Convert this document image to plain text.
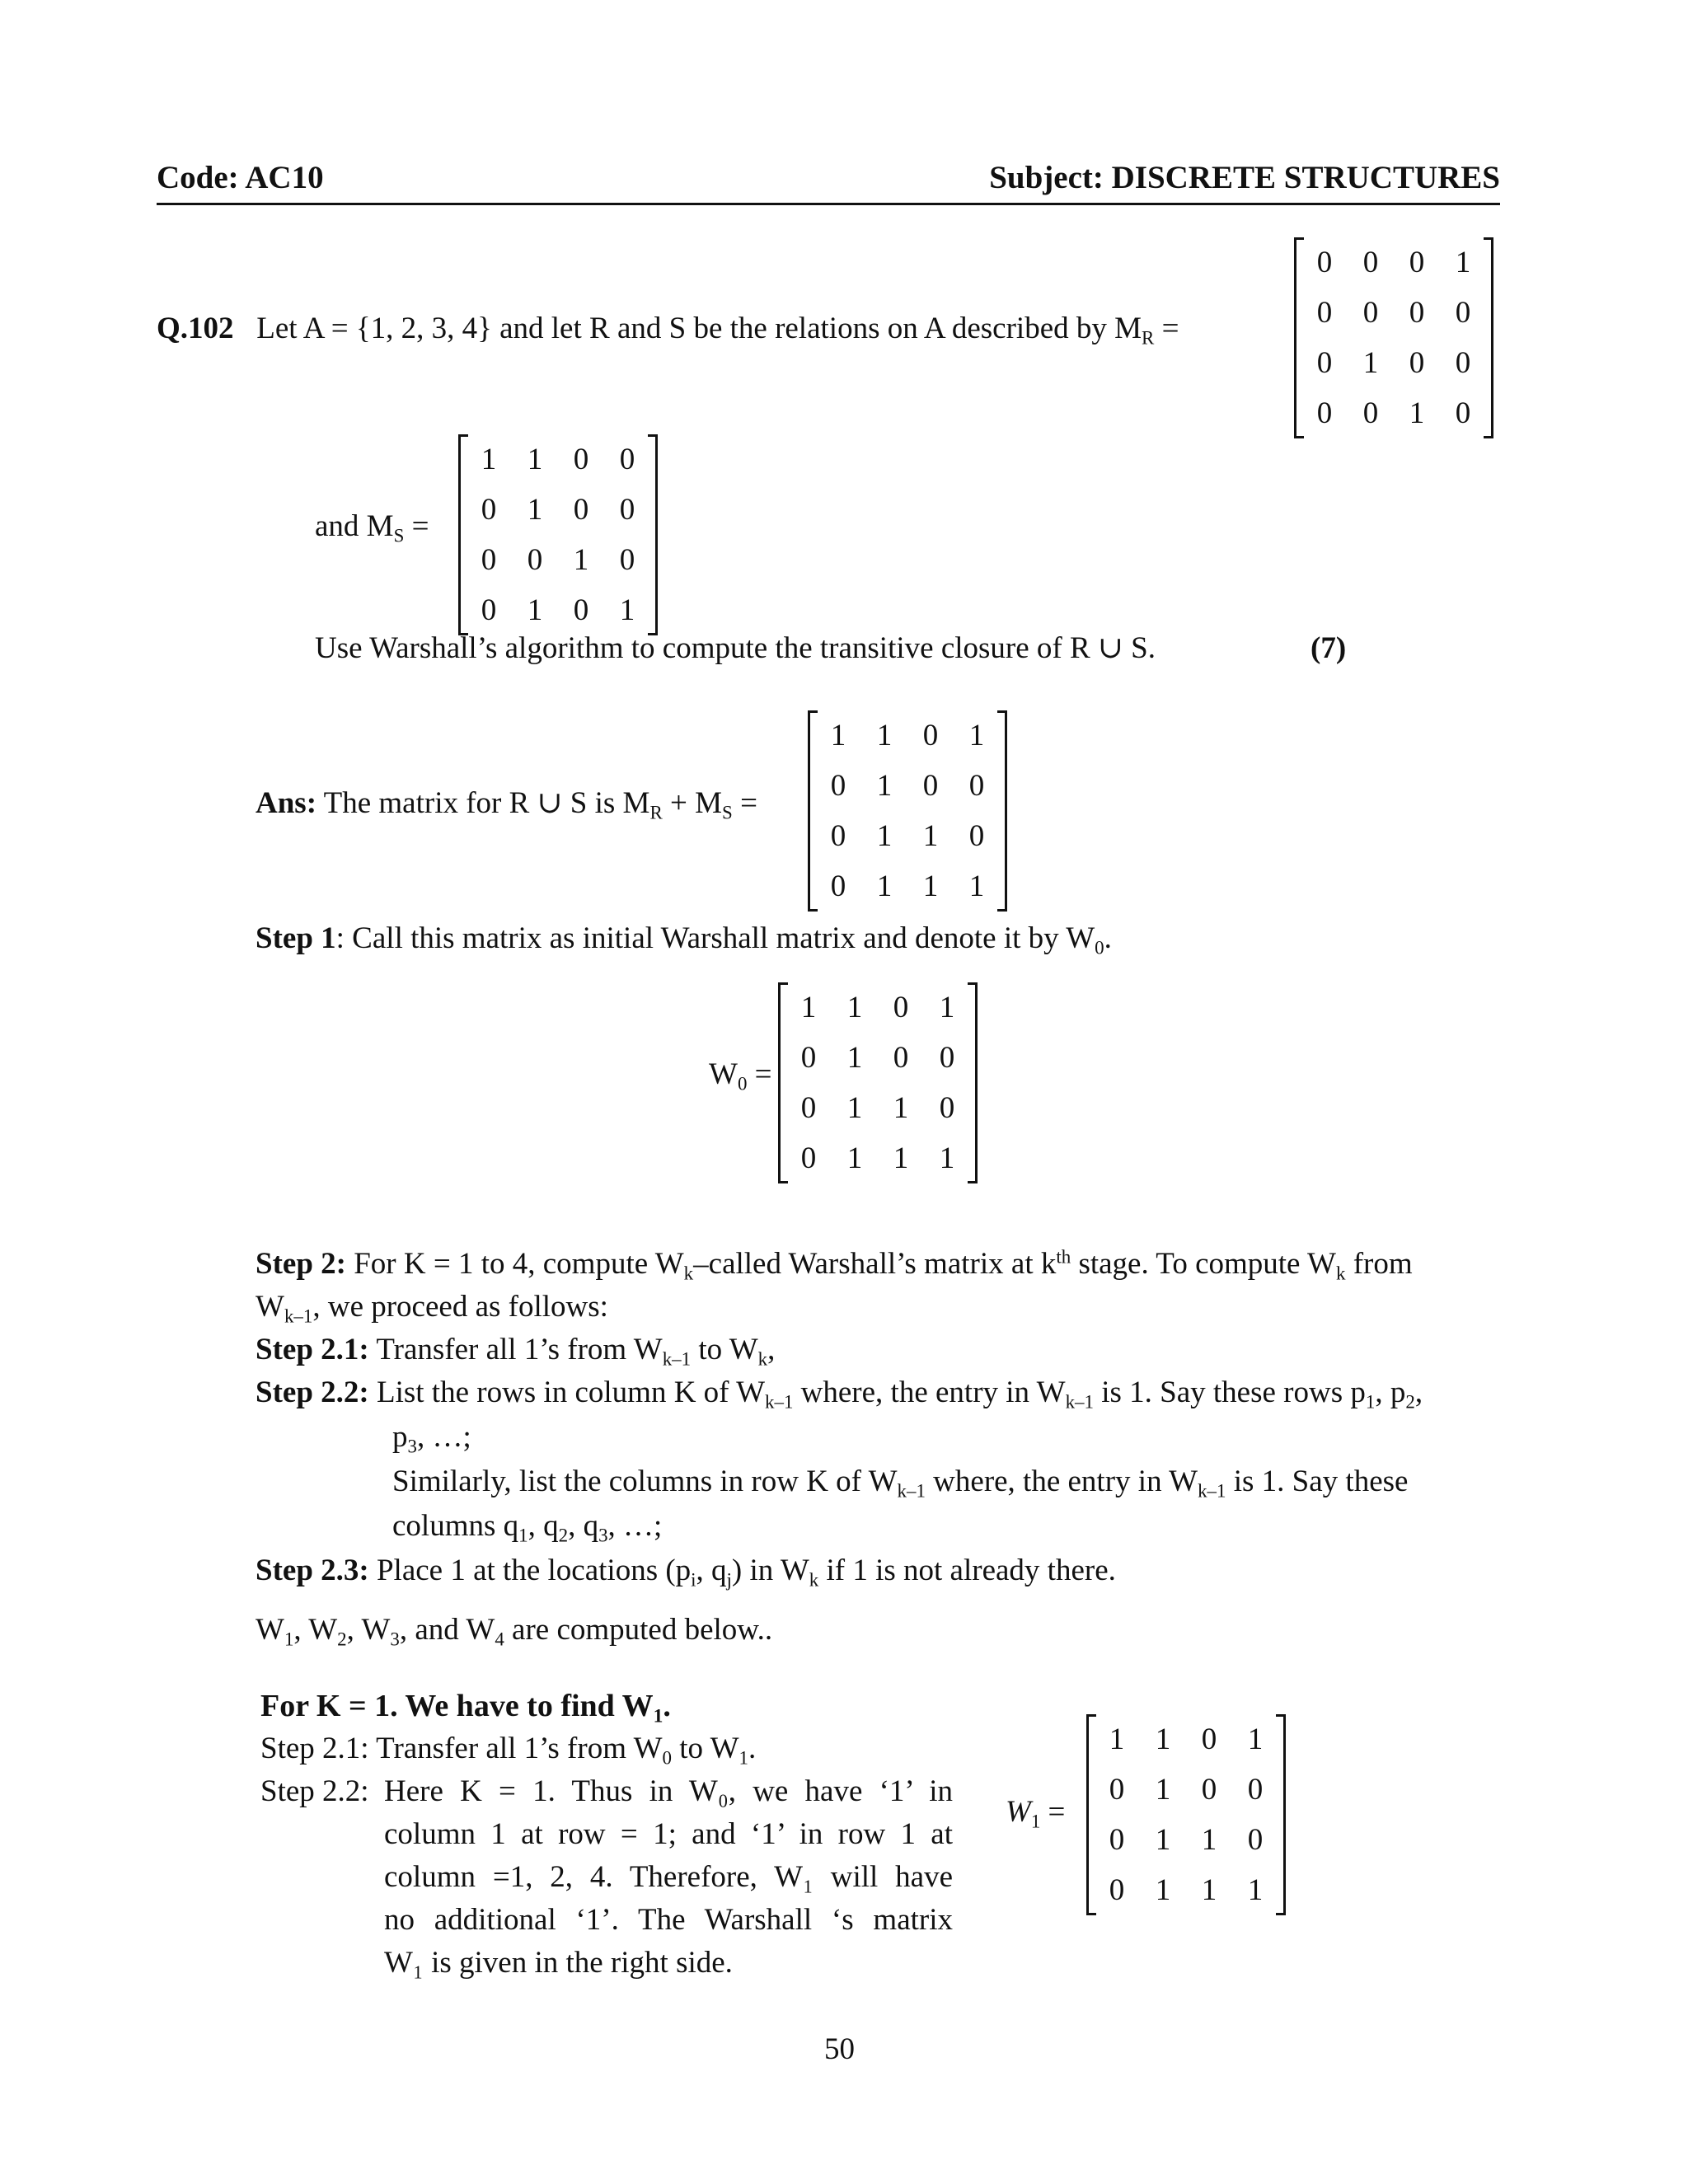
Code: AC10	Subject: DISCRETE STRUCTURES
Q.102 Let A = {1, 2, 3, 4} and let R and S be the relations on A described by $M_R$ =
0	0	0	1
0	0	0	0
0	1	0	0
0	0	1	0
and $M_S$ =
1	1	0	0
0	1	0	0
0	0	1	0
0	1	0	1
Use Warshall’s algorithm to compute the transitive closure of R ∪ S.	(7)
Ans: The matrix for R ∪ S is $M_R + M_S$ =
1	1	0	1
0	1	0	0
0	1	1	0
0	1	1	1
Step 1: Call this matrix as initial Warshall matrix and denote it by $W_0$.
$W_0$ =
1	1	0	1
0	1	0	0
0	1	1	0
0	1	1	1
Step 2: For K = 1 to 4, compute $W_k$–called Warshall’s matrix at $k^{th}$ stage. To compute $W_k$ from
$W_{k-1}$, we proceed as follows:
Step 2.1: Transfer all 1’s from $W_{k-1}$ to $W_k$,
Step 2.2: List the rows in column K of $W_{k-1}$ where, the entry in $W_{k-1}$ is 1. Say these rows $p_1$, $p_2$,
$p_3$, …;
Similarly, list the columns in row K of $W_{k-1}$ where, the entry in $W_{k-1}$ is 1. Say these
columns $q_1$, $q_2$, $q_3$, …;
Step 2.3: Place 1 at the locations ($p_i$, $q_j$) in $W_k$ if 1 is not already there.
$W_1$, $W_2$, $W_3$, and $W_4$ are computed below..
For K = 1. We have to find $W_1$.
Step 2.1: Transfer all 1’s from $W_0$ to $W_1$.
Step 2.2: Here K = 1. Thus in W₀, we have ‘1’ in
column 1 at row = 1; and ‘1’ in row 1 at
column =1, 2, 4. Therefore, W₁ will have
no additional ‘1’. The Warshall ‘s matrix
W₁ is given in the right side.
$W_1$ =
1	1	0	1
0	1	0	0
0	1	1	0
0	1	1	1
50
